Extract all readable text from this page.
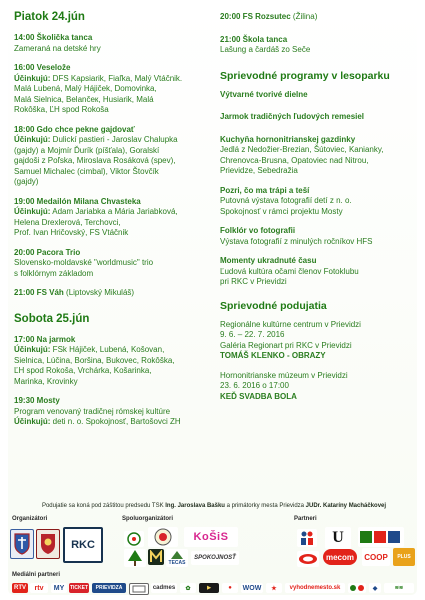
Piatok 24.jún
14:00 Školička tanca
Zameraná na detské hry
16:00 Veselože
Účinkujú: DFS Kapsiarik, Fiaľka, Malý Vtáčnik.
Malá Lubená, Malý Hájiček, Domovinka,
Malá Sielnica, Belančeк, Husiarik, Malá
Rokôška, ĽH spod Rokoša
18:00 Gdo chce pekne gajdovať
Účinkujú: Dulickí pastieri - Jaroslav Chalupka
(gajdy) a Mojmír Ďurík (píšťala), Goralskí
gajdoši z Poľska, Miroslava Rosáková (spev),
Samuel Michalec (cimbal), Viktor Štovčík
(gajdy)
19:00 Medailón Milana Chvasteka
Účinkujú: Adam Jariabka a Mária Jariabková,
Helena Drexlerová, Terchovci,
Prof. Ivan Hričovský, FS Vtáčnik
20:00 Pacora Trio
Slovensko-moldavské "worldmusic" trio
s folklórnym základom
21:00 FS Váh (Liptovský Mikuláš)
Sobota 25.jún
17:00 Na jarmok
Účinkujú: FSk Hájiček, Lubená, Košovan,
Sielnica, Lúčina, Boršina, Bukovec, Rokôška,
ĽH spod Rokoša, Vrchárka, Košarinka,
Marinka, Krovinky
19:30 Mosty
Program venovaný tradičnej rómskej kultúre
Účinkujú: deti n. o. Spokojnosť, Bartošovci ZH
20:00 FS Rozsutec (Žilina)
21:00 Škola tanca
Lašung a čardáš zo Seče
Sprievodné programy v lesoparku
Výtvarné tvorivé dielne
Jarmok tradičných ľudových remesiel
Kuchyňa hornonitrianskej gazdinky
Jedlá z Nedožier-Brezian, Šútoviec, Kanianky,
Chrenovca-Brusna, Opatoviec nad Nitrou,
Prievidze, Sebedražia
Pozri, čo ma trápi a teší
Putovná výstava fotografií detí z n. o.
Spokojnosť v rámci projektu Mosty
Folklór vo fotografii
Výstava fotografií z minulých ročníkov HFS
Momenty ukradnuté času
Ľudová kultúra očami členov Fotoklubu
pri RKC v Prievidzi
Sprievodné podujatia
Regionálne kultúrne centrum v Prievidzi
9. 6. – 22. 7. 2016
Galéria Regionart pri RKC v Prievidzi
TOMÁŠ KLENKO - OBRAZY
Hornonitrianske múzeum v Prievidzi
23. 6. 2016 o 17:00
KEĎ SVADBA BOLA
Podujatie sa koná pod záštitou predsedu TSK Ing. Jaroslava Bašku a primátorky mesta Prievidza JUDr. Kataríny Macháčkovej
Organizátori	Spoluorganizátori	Partneri
Mediálni partneri
RKC
KoŠiS
TECAS
SPOKOJNOSŤ
U
mecom COOP PLUS
RTV rtv MY TICKET PRIEVIDZA	cadmes ✿	▶	● WOW ★ vyhodnemesto.sk	◆	≋≋
